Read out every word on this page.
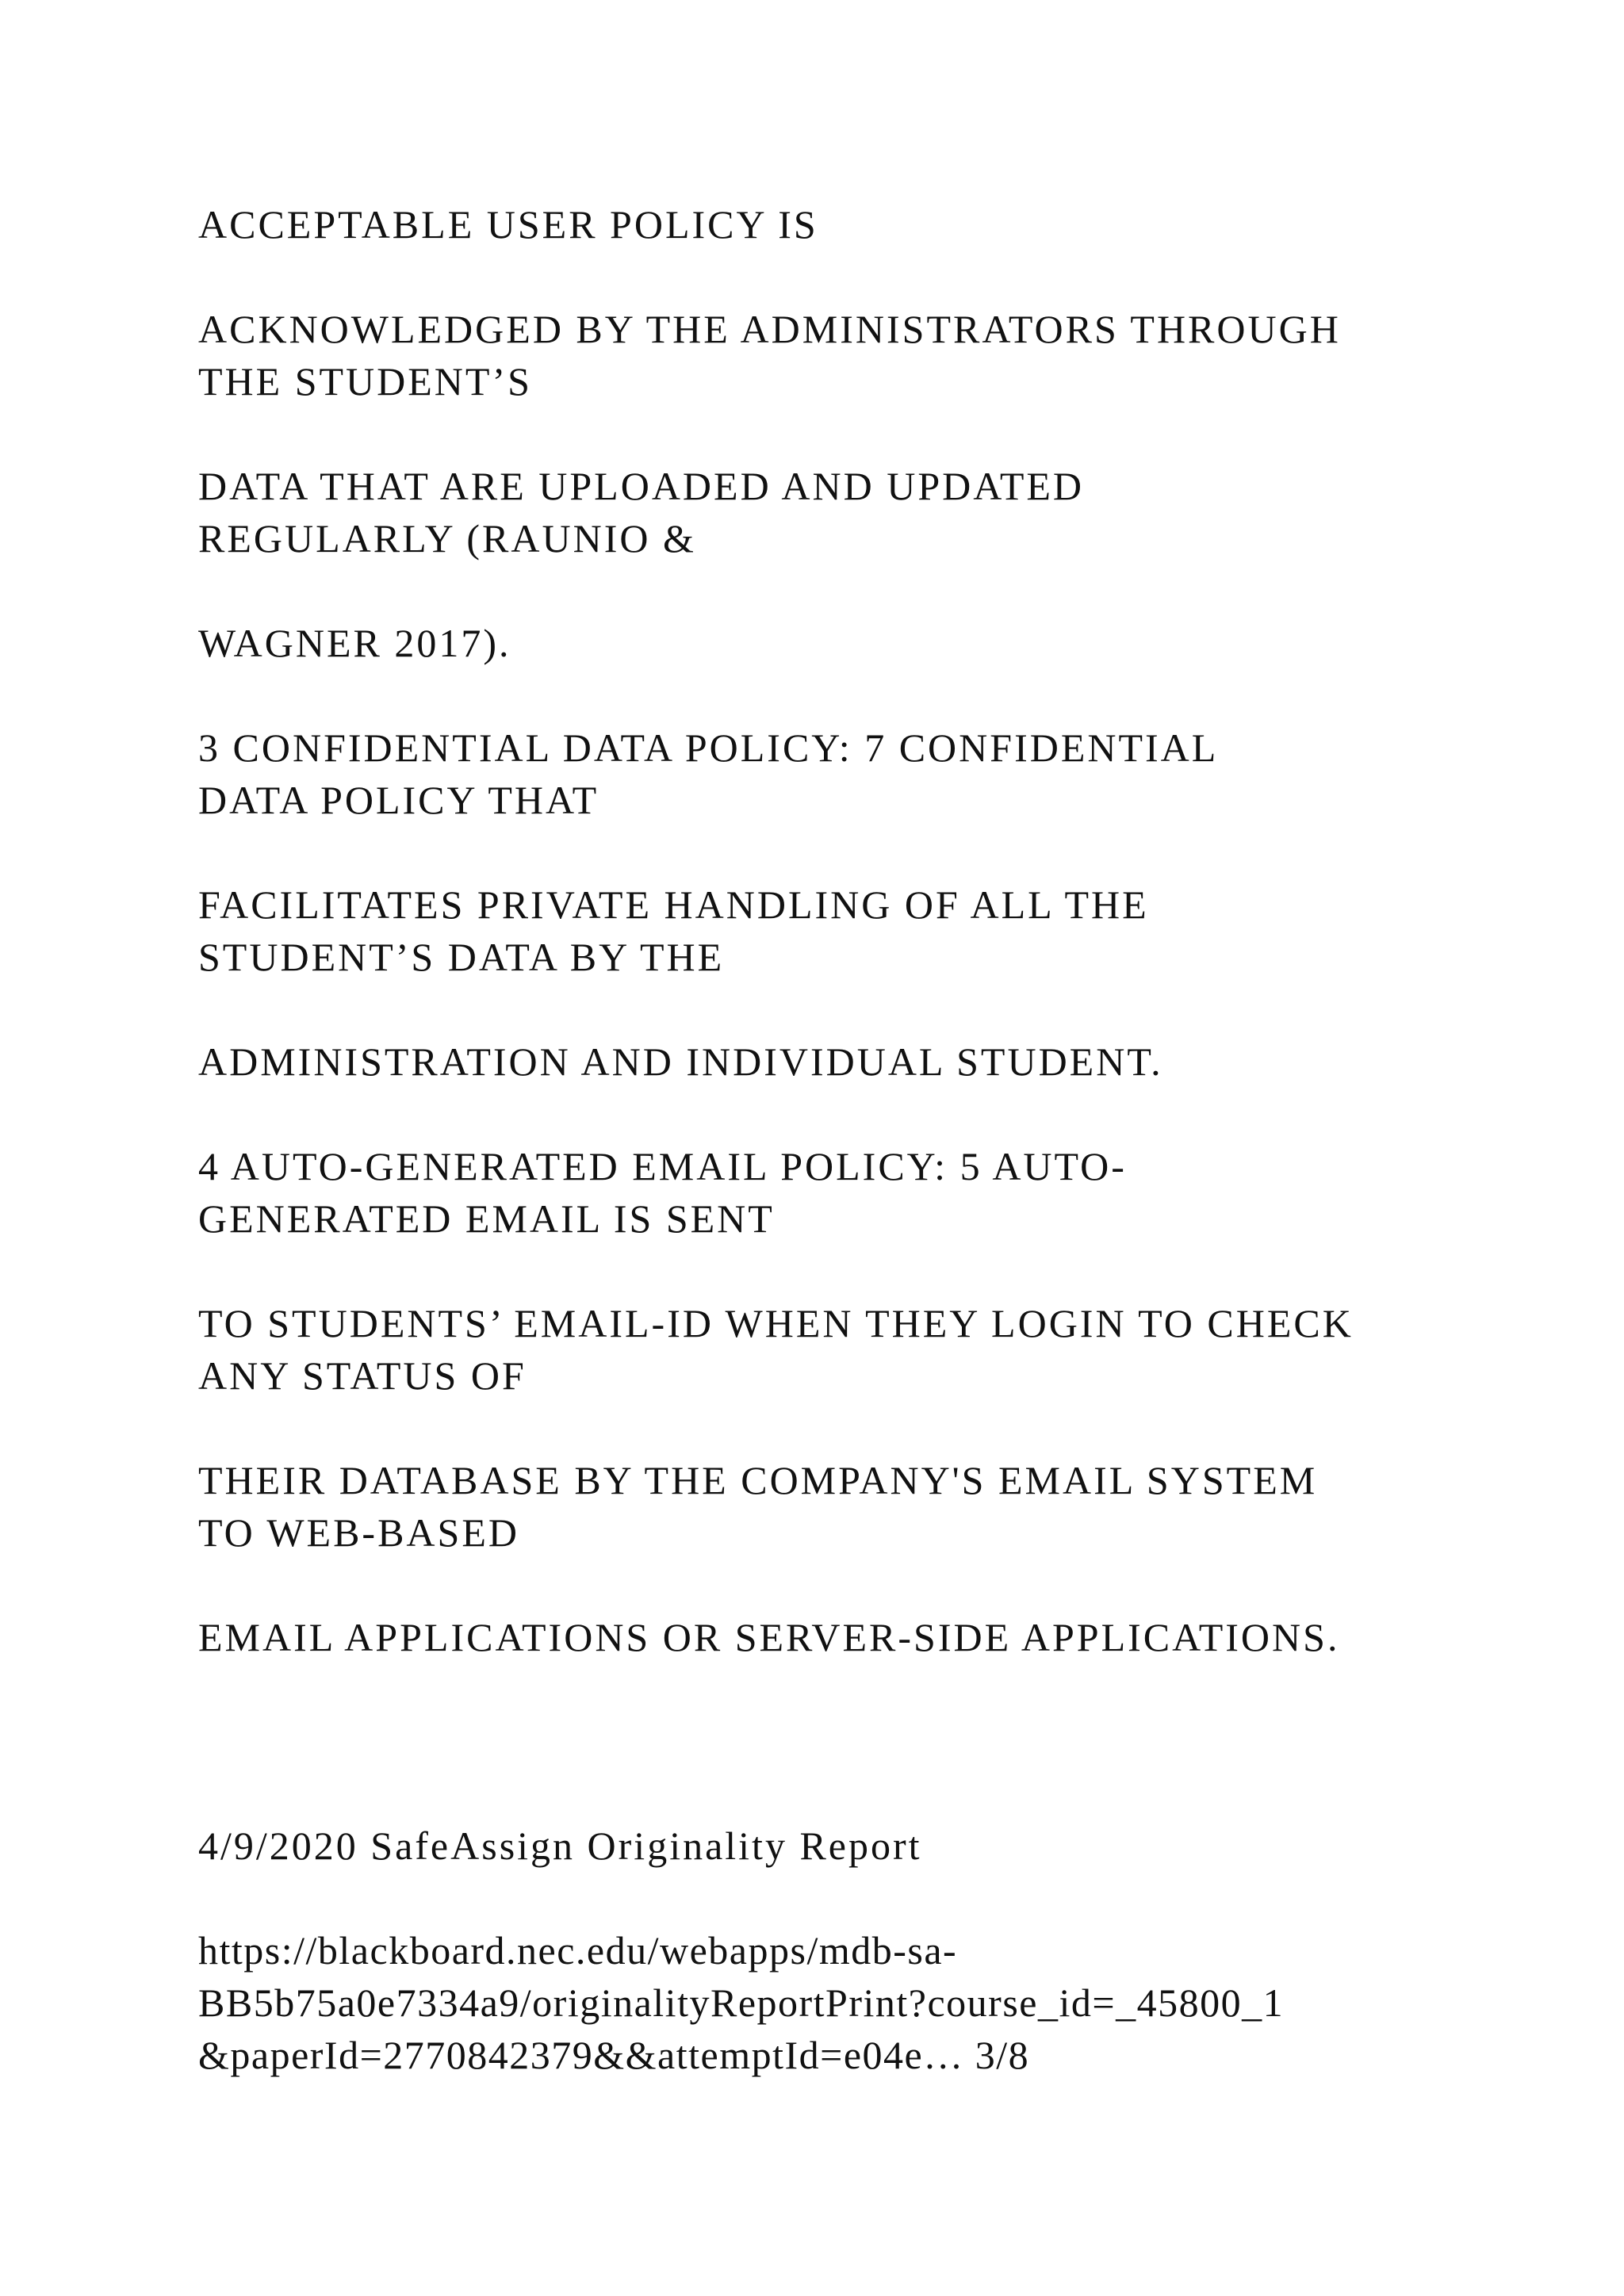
ACCEPTABLE USER POLICY IS

ACKNOWLEDGED BY THE ADMINISTRATORS THROUGH
THE STUDENT’S

DATA THAT ARE UPLOADED AND UPDATED
REGULARLY (RAUNIO &

WAGNER 2017).

3 CONFIDENTIAL DATA POLICY: 7 CONFIDENTIAL
DATA POLICY THAT

FACILITATES PRIVATE HANDLING OF ALL THE
STUDENT’S DATA BY THE

ADMINISTRATION AND INDIVIDUAL STUDENT.

4 AUTO-GENERATED EMAIL POLICY: 5 AUTO-
GENERATED EMAIL IS SENT

TO STUDENTS’ EMAIL-ID WHEN THEY LOGIN TO CHECK
ANY STATUS OF

THEIR DATABASE BY THE COMPANY'S EMAIL SYSTEM
TO WEB-BASED

EMAIL APPLICATIONS OR SERVER-SIDE APPLICATIONS.

4/9/2020 SafeAssign Originality Report

https://blackboard.nec.edu/webapps/mdb-sa-
BB5b75a0e7334a9/originalityReportPrint?course_id=_45800_1
&paperId=2770842379&&attemptId=e04e… 3/8
